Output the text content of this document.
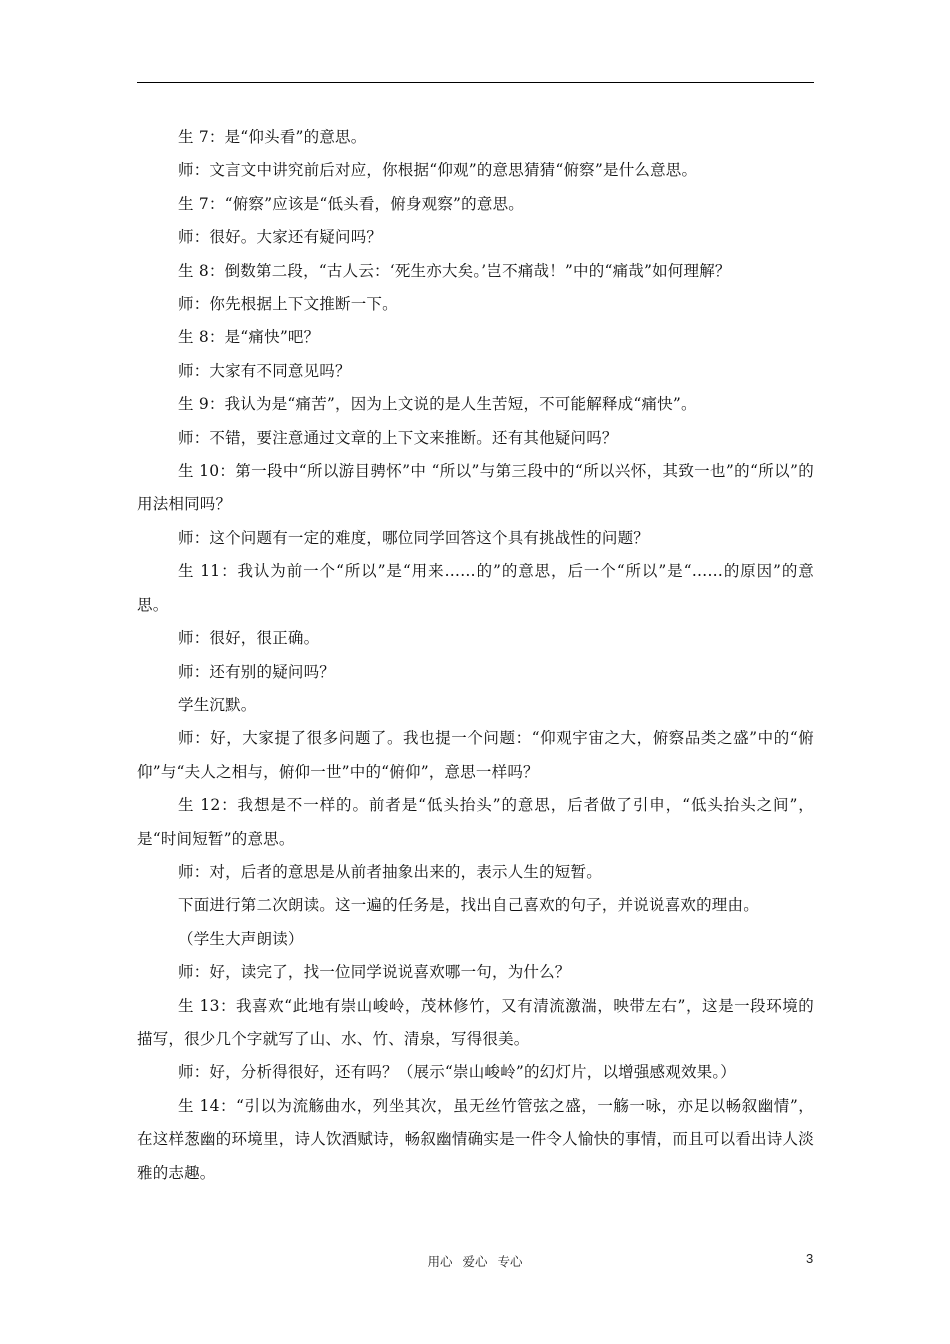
生 7：是“仰头看”的意思。

师：文言文中讲究前后对应，你根据“仰观”的意思猜猜“俯察”是什么意思。

生 7：“俯察”应该是“低头看，俯身观察”的意思。

师：很好。大家还有疑问吗？

生 8：倒数第二段，“古人云：‘死生亦大矣。’岂不痛哉！”中的“痛哉”如何理解？

师：你先根据上下文推断一下。

生 8：是“痛快”吧？

师：大家有不同意见吗？

生 9：我认为是“痛苦”，因为上文说的是人生苦短，不可能解释成“痛快”。

师：不错，要注意通过文章的上下文来推断。还有其他疑问吗？

生 10：第一段中“所以游目骋怀”中 “所以”与第三段中的“所以兴怀，其致一也”的“所以”的用法相同吗？

师：这个问题有一定的难度，哪位同学回答这个具有挑战性的问题？

生 11：我认为前一个“所以”是“用来……的”的意思，后一个“所以”是“……的原因”的意思。

师：很好，很正确。

师：还有别的疑问吗？

学生沉默。

师：好，大家提了很多问题了。我也提一个问题：“仰观宇宙之大，俯察品类之盛”中的“俯仰”与“夫人之相与，俯仰一世”中的“俯仰”，意思一样吗？

生 12：我想是不一样的。前者是“低头抬头”的意思，后者做了引申，“低头抬头之间”，是“时间短暂”的意思。

师：对，后者的意思是从前者抽象出来的，表示人生的短暂。

下面进行第二次朗读。这一遍的任务是，找出自己喜欢的句子，并说说喜欢的理由。

（学生大声朗读）

师：好，读完了，找一位同学说说喜欢哪一句，为什么？

生 13：我喜欢“此地有崇山峻岭，茂林修竹，又有清流激湍，映带左右”，这是一段环境的描写，很少几个字就写了山、水、竹、清泉，写得很美。

师：好，分析得很好，还有吗？（展示“崇山峻岭”的幻灯片，以增强感观效果。）

生 14：“引以为流觞曲水，列坐其次，虽无丝竹管弦之盛，一觞一咏，亦足以畅叙幽情”，在这样葱幽的环境里，诗人饮酒赋诗，畅叙幽情确实是一件令人愉快的事情，而且可以看出诗人淡雅的志趣。

用心 爱心 专心	3
